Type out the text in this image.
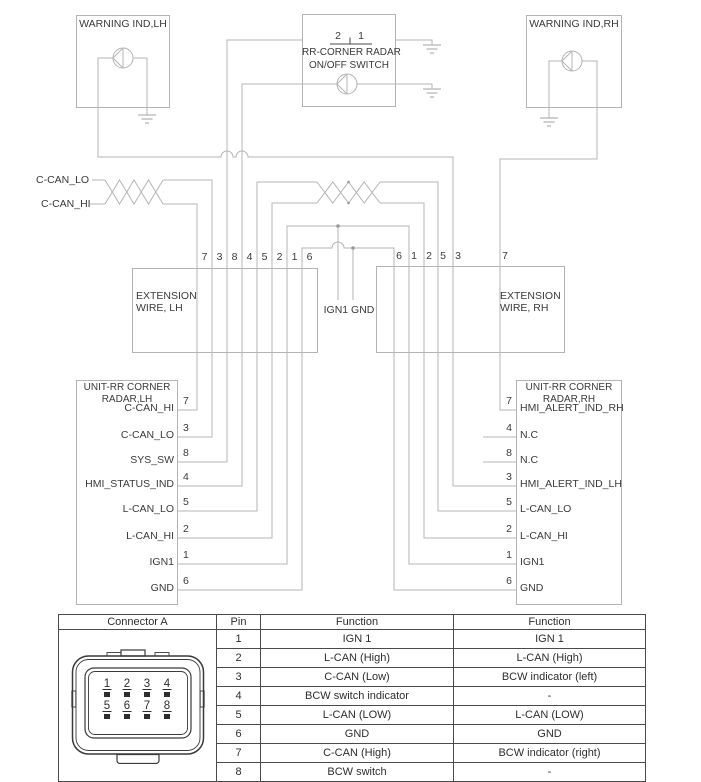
WARNING IND,LH	WARNING IND,RH
2 1
RR-CORNER RADAR
ON/OFF SWITCH
C-CAN_LO
C-CAN_HI
7 3 8 4 5 2 1 6	6 1 2 5 3	7
EXTENSION
WIRE, LH
EXTENSION
WIRE, RH
IGN1 GND
UNIT-RR CORNER
RADAR,LH
C-CAN_HI
C-CAN_LO
SYS_SW
HMI_STATUS_IND
L-CAN_LO
L-CAN_HI
IGN1
GND
7
3
8
4
5
2
1
6
UNIT-RR CORNER
RADAR,RH
HMI_ALERT_IND_RH
N.C
N.C
HMI_ALERT_IND_LH
L-CAN_LO
L-CAN_HI
IGN1
GND
7
4
8
3
5
2
1
6
Connector A	Pin	Function	Function

1 2 3 4
5 6 7 8
	1	IGN 1	IGN 1
	2	L-CAN (High)	L-CAN (High)
	3	C-CAN (Low)	BCW indicator (left)
	4	BCW switch indicator	-
	5	L-CAN (LOW)	L-CAN (LOW)
	6	GND	GND
	7	C-CAN (High)	BCW indicator (right)
	8	BCW switch	-
